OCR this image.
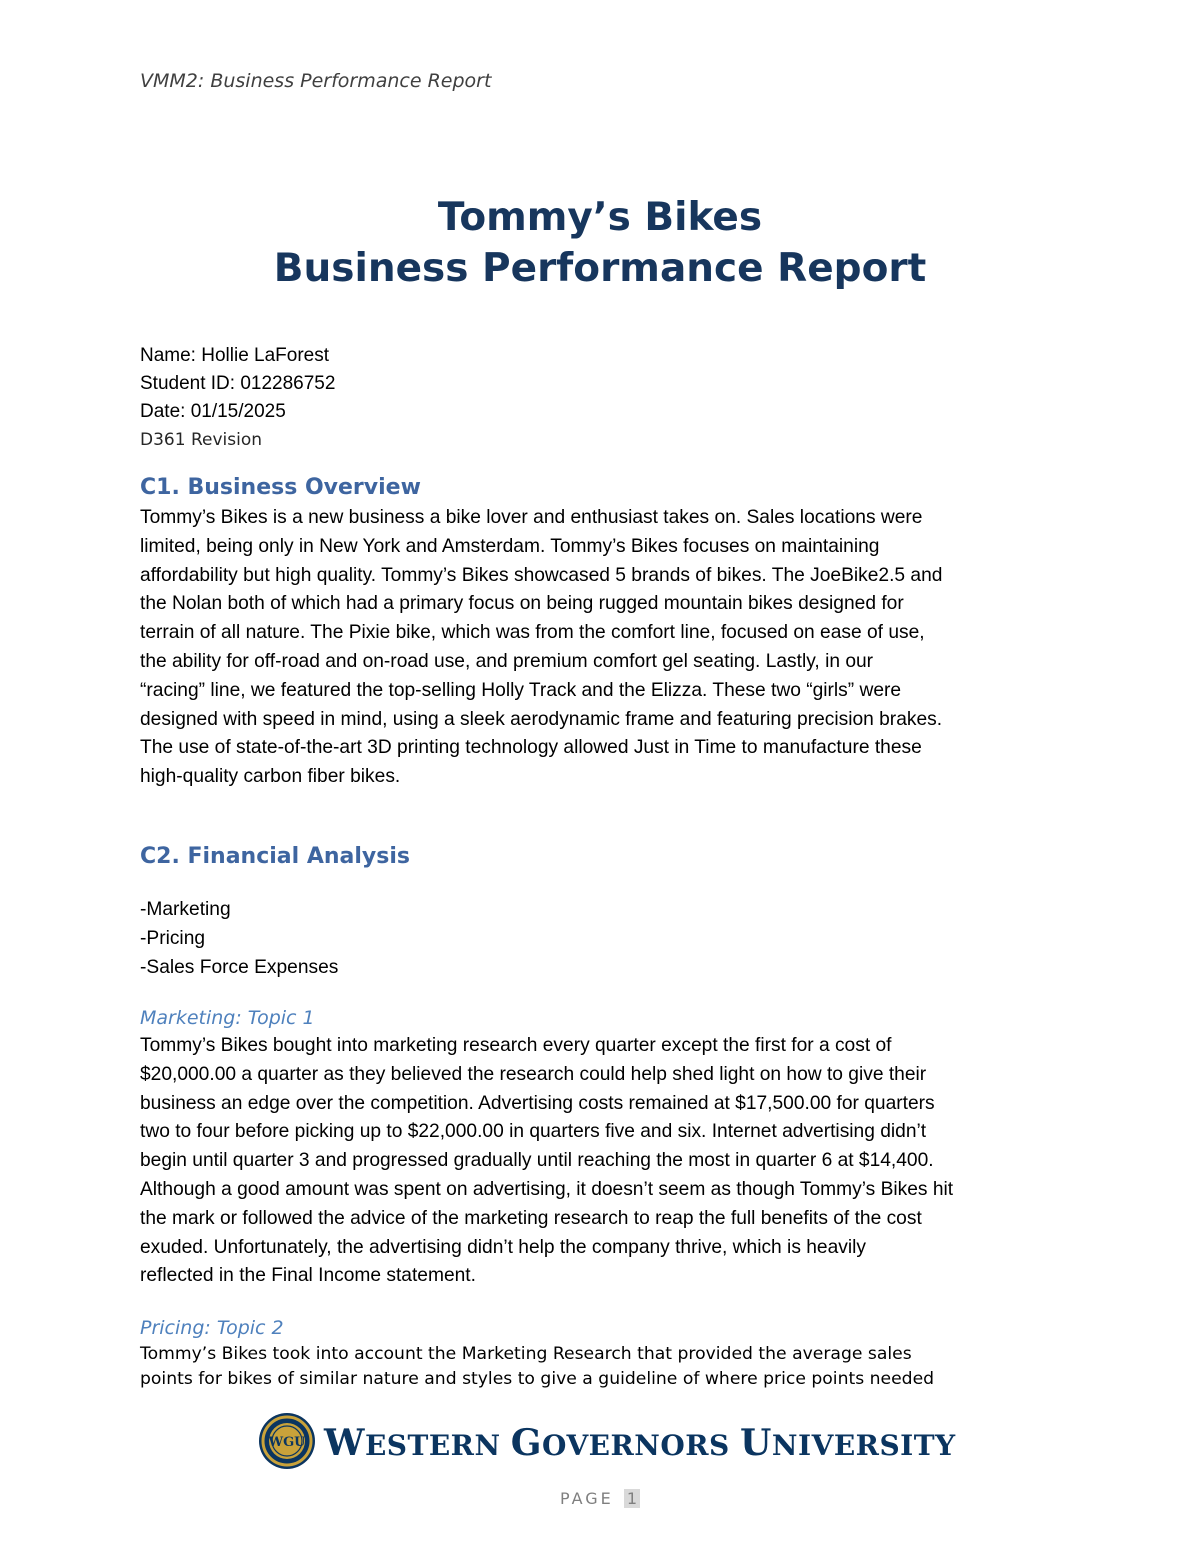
VMM2: Business Performance Report
Tommy’s Bikes
Business Performance Report
Name: Hollie LaForest
Student ID: 012286752
Date: 01/15/2025
D361 Revision
C1. Business Overview
Tommy’s Bikes is a new business a bike lover and enthusiast takes on. Sales locations were
limited, being only in New York and Amsterdam. Tommy’s Bikes focuses on maintaining
affordability but high quality. Tommy’s Bikes showcased 5 brands of bikes. The JoeBike2.5 and
the Nolan both of which had a primary focus on being rugged mountain bikes designed for
terrain of all nature. The Pixie bike, which was from the comfort line, focused on ease of use,
the ability for off-road and on-road use, and premium comfort gel seating. Lastly, in our
“racing” line, we featured the top-selling Holly Track and the Elizza. These two “girls” were
designed with speed in mind, using a sleek aerodynamic frame and featuring precision brakes.
The use of state-of-the-art 3D printing technology allowed Just in Time to manufacture these
high-quality carbon fiber bikes.
C2. Financial Analysis
-Marketing
-Pricing
-Sales Force Expenses
Marketing: Topic 1
Tommy’s Bikes bought into marketing research every quarter except the first for a cost of
$20,000.00 a quarter as they believed the research could help shed light on how to give their
business an edge over the competition. Advertising costs remained at $17,500.00 for quarters
two to four before picking up to $22,000.00 in quarters five and six. Internet advertising didn’t
begin until quarter 3 and progressed gradually until reaching the most in quarter 6 at $14,400.
Although a good amount was spent on advertising, it doesn’t seem as though Tommy’s Bikes hit
the mark or followed the advice of the marketing research to reap the full benefits of the cost
exuded. Unfortunately, the advertising didn’t help the company thrive, which is heavily
reflected in the Final Income statement.
Pricing: Topic 2
Tommy’s Bikes took into account the Marketing Research that provided the average sales
points for bikes of similar nature and styles to give a guideline of where price points needed
WGU WESTERN GOVERNORS UNIVERSITY
PAGE 1
